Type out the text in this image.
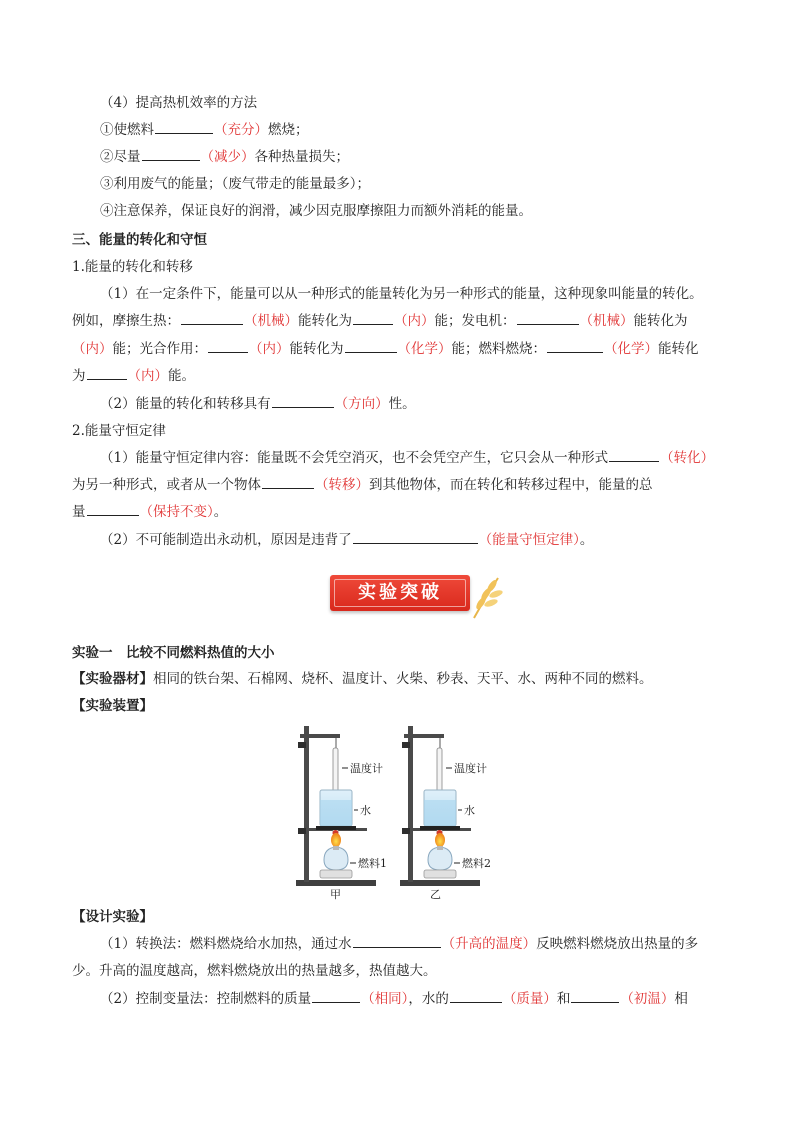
（4）提高热机效率的方法
①使燃料	（充分）燃烧；
②尽量	（减少）各种热量损失；
③利用废气的能量；（废气带走的能量最多）；
④注意保养，保证良好的润滑，减少因克服摩擦阻力而额外消耗的能量。
三、能量的转化和守恒
1.能量的转化和转移
（1）在一定条件下，能量可以从一种形式的能量转化为另一种形式的能量，这种现象叫能量的转化。
例如，摩擦生热：	（机械）能转化为	（内）能；发电机：	（机械）能转化为
（内）能；光合作用：	（内）能转化为	（化学）能；燃料燃烧：	（化学）能转化
为	（内）能。
（2）能量的转化和转移具有	（方向）性。
2.能量守恒定律
（1）能量守恒定律内容：能量既不会凭空消灭，也不会凭空产生，它只会从一种形式	（转化）
为另一种形式，或者从一个物体	（转移）到其他物体，而在转化和转移过程中，能量的总
量	（保持不变）。
（2）不可能制造出永动机，原因是违背了	（能量守恒定律）。
实验突破
实验一　比较不同燃料热值的大小
【实验器材】相同的铁台架、石棉网、烧杯、温度计、火柴、秒表、天平、水、两种不同的燃料。
【实验装置】
温度计
水
燃料1
甲
温度计
水
燃料2
乙
【设计实验】
（1）转换法：燃料燃烧给水加热，通过水	（升高的温度）反映燃料燃烧放出热量的多
少。升高的温度越高，燃料燃烧放出的热量越多，热值越大。
（2）控制变量法：控制燃料的质量	（相同），水的	（质量）和	（初温）相
